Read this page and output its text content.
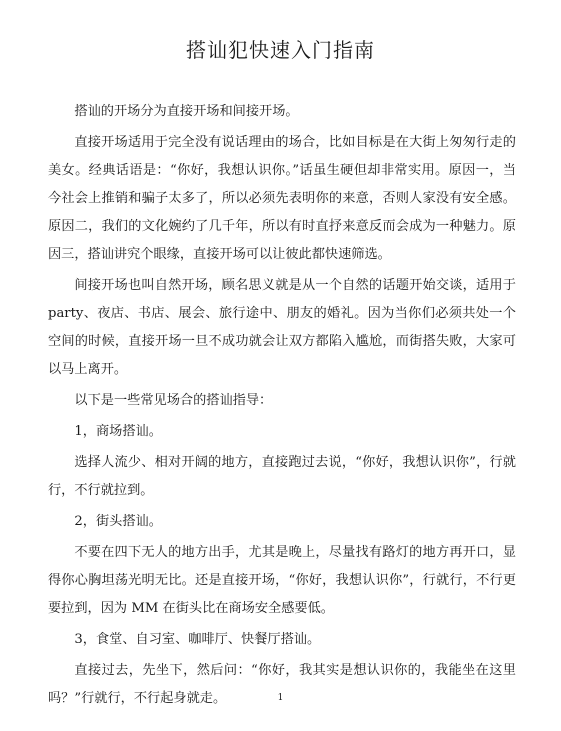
搭讪犯快速入门指南

搭讪的开场分为直接开场和间接开场。

直接开场适用于完全没有说话理由的场合，比如目标是在大街上匆匆行走的美女。经典话语是：“你好，我想认识你。”话虽生硬但却非常实用。原因一，当今社会上推销和骗子太多了，所以必须先表明你的来意，否则人家没有安全感。原因二，我们的文化婉约了几千年，所以有时直抒来意反而会成为一种魅力。原因三，搭讪讲究个眼缘，直接开场可以让彼此都快速筛选。

间接开场也叫自然开场，顾名思义就是从一个自然的话题开始交谈，适用于 party、夜店、书店、展会、旅行途中、朋友的婚礼。因为当你们必须共处一个空间的时候，直接开场一旦不成功就会让双方都陷入尴尬，而街搭失败，大家可以马上离开。

以下是一些常见场合的搭讪指导：

1，商场搭讪。

选择人流少、相对开阔的地方，直接跑过去说，“你好，我想认识你”，行就行，不行就拉到。

2，街头搭讪。

不要在四下无人的地方出手，尤其是晚上，尽量找有路灯的地方再开口，显得你心胸坦荡光明无比。还是直接开场，“你好，我想认识你”，行就行，不行更要拉到，因为 MM 在街头比在商场安全感要低。

3，食堂、自习室、咖啡厅、快餐厅搭讪。

直接过去，先坐下，然后问：“你好，我其实是想认识你的，我能坐在这里吗？”行就行，不行起身就走。	1
